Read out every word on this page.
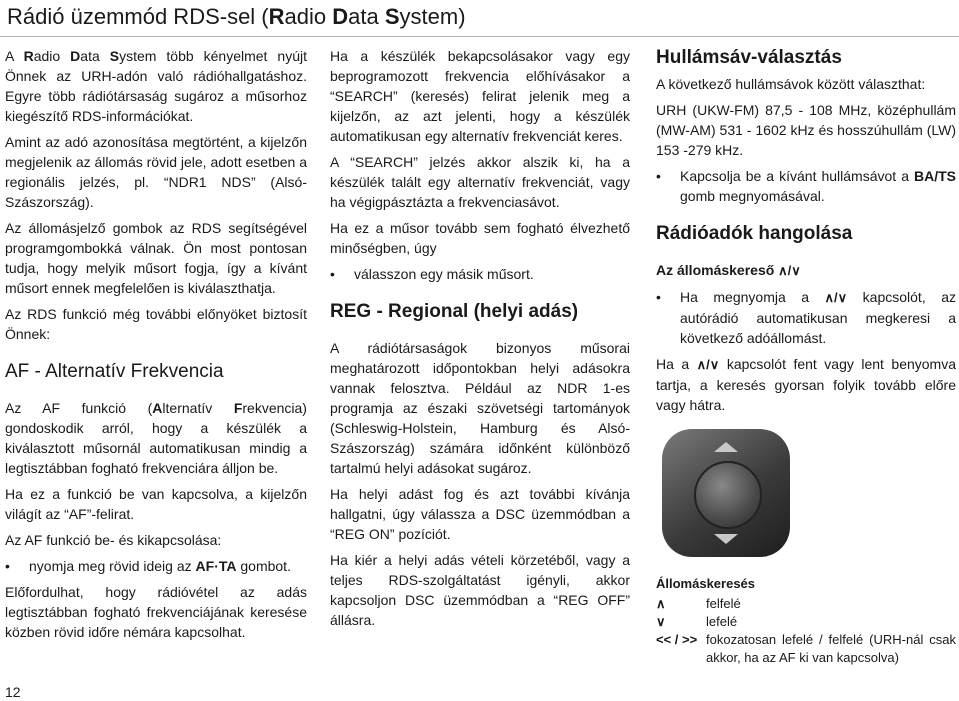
Rádió üzemmód RDS-sel (Radio Data System)

A Radio Data System több kényelmet nyújt Önnek az URH-adón való rádióhallgatáshoz. Egyre több rádiótársaság sugároz a műsorhoz kiegészítő RDS-információkat.

Amint az adó azonosítása megtörtént, a kijelzőn megjelenik az állomás rövid jele, adott esetben a regionális jelzés, pl. “NDR1 NDS” (Alsó-Szászország).

Az állomásjelző gombok az RDS segítségével programgombokká válnak. Ön most pontosan tudja, hogy melyik műsort fogja, így a kívánt műsort ennek megfelelően is kiválaszthatja.

Az RDS funkció még további előnyöket biztosít Önnek:

AF - Alternatív Frekvencia

Az AF funkció (Alternatív Frekvencia) gondoskodik arról, hogy a készülék a kiválasztott műsornál automatikusan mindig a legtisztábban fogható frekvenciára álljon be.

Ha ez a funkció be van kapcsolva, a kijelzőn világít az “AF”-felirat.

Az AF funkció be- és kikapcsolása:

• nyomja meg rövid ideig az AF·TA gombot.

Előfordulhat, hogy rádióvétel az adás legtisztábban fogható frekvenciájának keresése közben rövid időre némára kapcsolhat.

Ha a készülék bekapcsolásakor vagy egy beprogramozott frekvencia előhívásakor a “SEARCH” (keresés) felirat jelenik meg a kijelzőn, az azt jelenti, hogy a készülék automatikusan egy alternatív frekvenciát keres.

A “SEARCH” jelzés akkor alszik ki, ha a készülék talált egy alternatív frekvenciát, vagy ha végigpásztázta a frekvenciasávot.

Ha ez a műsor tovább sem fogható élvezhető minőségben, úgy

• válasszon egy másik műsort.
REG - Regional (helyi adás)

A rádiótársaságok bizonyos műsorai meghatározott időpontokban helyi adásokra vannak felosztva. Például az NDR 1-es programja az északi szövetségi tartományok (Schleswig-Holstein, Hamburg és Alsó-Szászország) számára időnként különböző tartalmú helyi adásokat sugároz.

Ha helyi adást fog és azt további kívánja hallgatni, úgy válassza a DSC üzemmódban a “REG ON” pozíciót.

Ha kiér a helyi adás vételi körzetéből, vagy a teljes RDS-szolgáltatást igényli, akkor kapcsoljon DSC üzemmódban a “REG OFF” állásra.

Hullámsáv-választás

A következő hullámsávok között választhat:

URH (UKW-FM) 87,5 - 108 MHz, középhullám (MW-AM) 531 - 1602 kHz és hosszúhullám (LW) 153 -279 kHz.

• Kapcsolja be a kívánt hullámsávot a BA/TS gomb megnyomásával.
Rádióadók hangolása
Az állomáskereső ∧/∨
• Ha megnyomja a ∧/∨ kapcsolót, az autórádió automatikusan megkeresi a következő adóállomást.

Ha a ∧/∨ kapcsolót fent vagy lent benyomva tartja, a keresés gyorsan folyik tovább előre vagy hátra.

Állomáskeresés
∧	felfelé
∨	lefelé
<< / >> fokozatosan lefelé / felfelé (URH-nál csak akkor, ha az AF ki van kapcsolva)
12
